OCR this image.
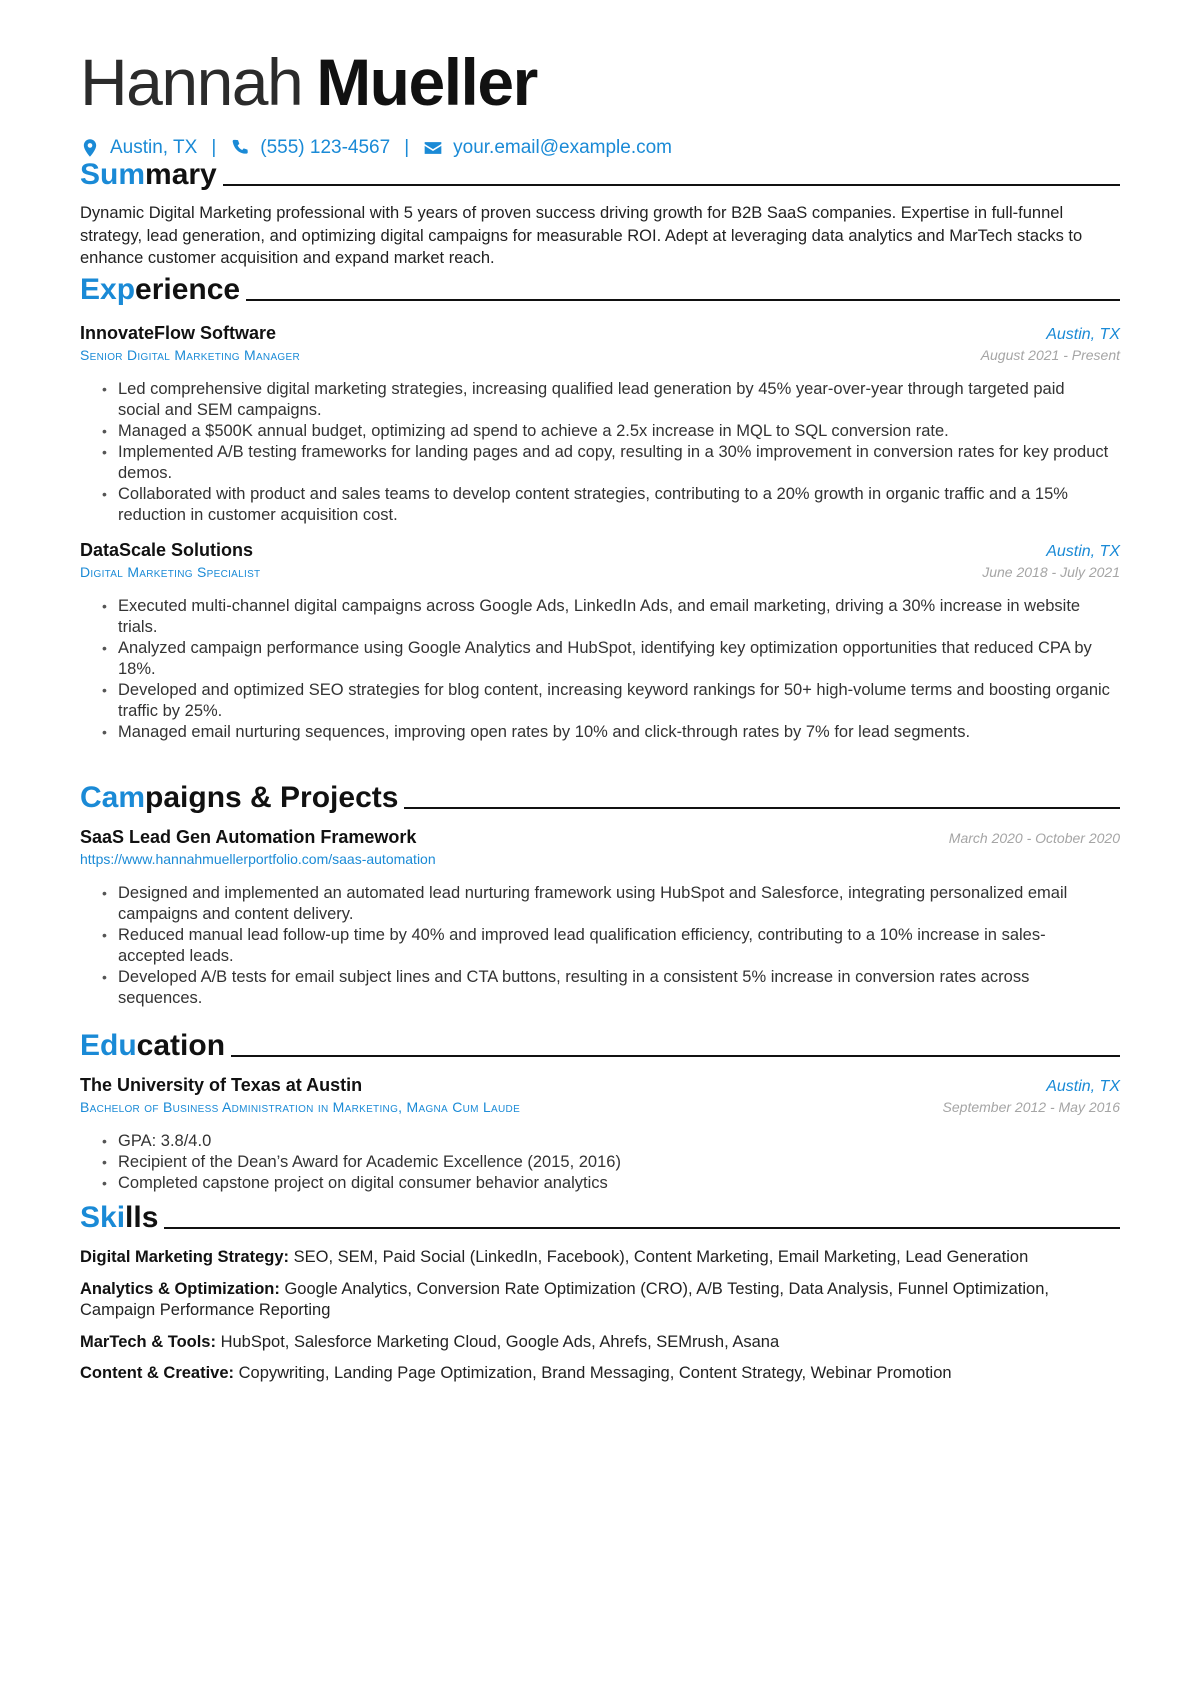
Hannah Mueller
Austin, TX | (555) 123-4567 | your.email@example.com
Summary

Dynamic Digital Marketing professional with 5 years of proven success driving growth for B2B SaaS companies. Expertise in full-funnel strategy, lead generation, and optimizing digital campaigns for measurable ROI. Adept at leveraging data analytics and MarTech stacks to enhance customer acquisition and expand market reach.

Experience
InnovateFlow Software	Austin, TX
Senior Digital Marketing Manager	August 2021 - Present
• Led comprehensive digital marketing strategies, increasing qualified lead generation by 45% year-over-year through targeted paid social and SEM campaigns.
• Managed a $500K annual budget, optimizing ad spend to achieve a 2.5x increase in MQL to SQL conversion rate.
• Implemented A/B testing frameworks for landing pages and ad copy, resulting in a 30% improvement in conversion rates for key product demos.
• Collaborated with product and sales teams to develop content strategies, contributing to a 20% growth in organic traffic and a 15% reduction in customer acquisition cost.
DataScale Solutions	Austin, TX
Digital Marketing Specialist	June 2018 - July 2021
• Executed multi-channel digital campaigns across Google Ads, LinkedIn Ads, and email marketing, driving a 30% increase in website trials.
• Analyzed campaign performance using Google Analytics and HubSpot, identifying key optimization opportunities that reduced CPA by 18%.
• Developed and optimized SEO strategies for blog content, increasing keyword rankings for 50+ high-volume terms and boosting organic traffic by 25%.
• Managed email nurturing sequences, improving open rates by 10% and click-through rates by 7% for lead segments.
Campaigns & Projects
SaaS Lead Gen Automation Framework	March 2020 - October 2020
https://www.hannahmuellerportfolio.com/saas-automation
• Designed and implemented an automated lead nurturing framework using HubSpot and Salesforce, integrating personalized email campaigns and content delivery.
• Reduced manual lead follow-up time by 40% and improved lead qualification efficiency, contributing to a 10% increase in sales-accepted leads.
• Developed A/B tests for email subject lines and CTA buttons, resulting in a consistent 5% increase in conversion rates across sequences.
Education
The University of Texas at Austin	Austin, TX
Bachelor of Business Administration in Marketing, Magna Cum Laude	September 2012 - May 2016
• GPA: 3.8/4.0
• Recipient of the Dean’s Award for Academic Excellence (2015, 2016)
• Completed capstone project on digital consumer behavior analytics
Skills

Digital Marketing Strategy: SEO, SEM, Paid Social (LinkedIn, Facebook), Content Marketing, Email Marketing, Lead Generation

Analytics & Optimization: Google Analytics, Conversion Rate Optimization (CRO), A/B Testing, Data Analysis, Funnel Optimization, Campaign Performance Reporting

MarTech & Tools: HubSpot, Salesforce Marketing Cloud, Google Ads, Ahrefs, SEMrush, Asana

Content & Creative: Copywriting, Landing Page Optimization, Brand Messaging, Content Strategy, Webinar Promotion
